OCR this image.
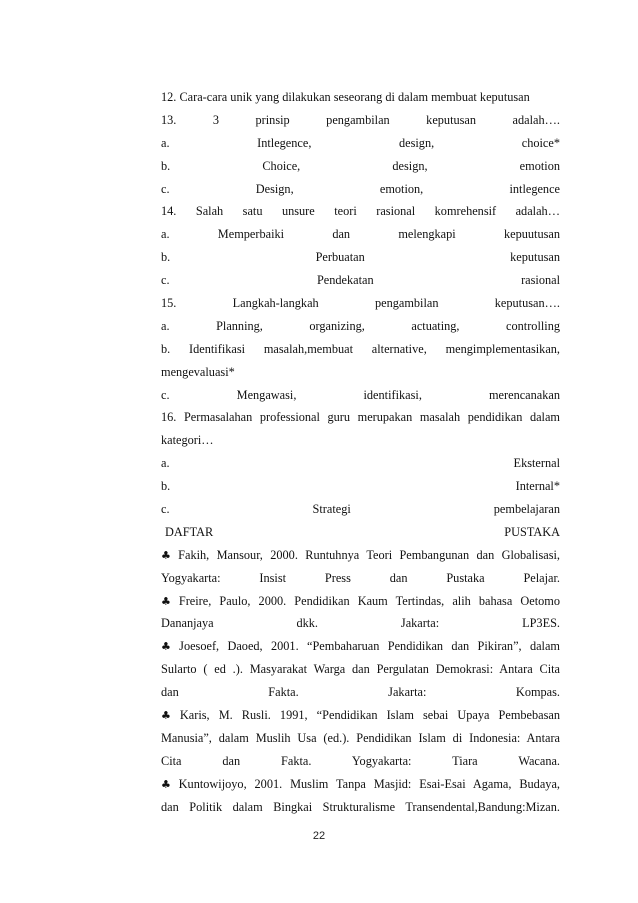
12. Cara-cara unik yang dilakukan seseorang di dalam membuat keputusan
13. 3 prinsip pengambilan keputusan adalah….
a. Intlegence, design, choice*
b. Choice, design, emotion
c. Design, emotion, intlegence
14. Salah satu unsure teori rasional komrehensif adalah…
a. Memperbaiki dan melengkapi kepuutusan
b. Perbuatan keputusan
c. Pendekatan rasional
15. Langkah-langkah pengambilan keputusan….
a. Planning, organizing, actuating, controlling
b. Identifikasi masalah,membuat alternative, mengimplementasikan,
mengevaluasi*
c. Mengawasi, identifikasi, merencanakan
16. Permasalahan professional guru merupakan masalah pendidikan dalam
kategori…
a. Eksternal
b. Internal*
c. Strategi pembelajaran
DAFTAR PUSTAKA
♣ Fakih, Mansour, 2000. Runtuhnya Teori Pembangunan dan Globalisasi,
Yogyakarta: Insist Press dan Pustaka Pelajar.
♣ Freire, Paulo, 2000. Pendidikan Kaum Tertindas, alih bahasa Oetomo
Dananjaya dkk. Jakarta: LP3ES.
♣ Joesoef, Daoed, 2001. “Pembaharuan Pendidikan dan Pikiran”, dalam
Sularto ( ed .). Masyarakat Warga dan Pergulatan Demokrasi: Antara Cita
dan Fakta. Jakarta: Kompas.
♣ Karis, M. Rusli. 1991, “Pendidikan Islam sebai Upaya Pembebasan
Manusia”, dalam Muslih Usa (ed.). Pendidikan Islam di Indonesia: Antara
Cita dan Fakta. Yogyakarta: Tiara Wacana.
♣ Kuntowijoyo, 2001. Muslim Tanpa Masjid: Esai-Esai Agama, Budaya,
dan Politik dalam Bingkai Strukturalisme Transendental,Bandung:Mizan.
22
